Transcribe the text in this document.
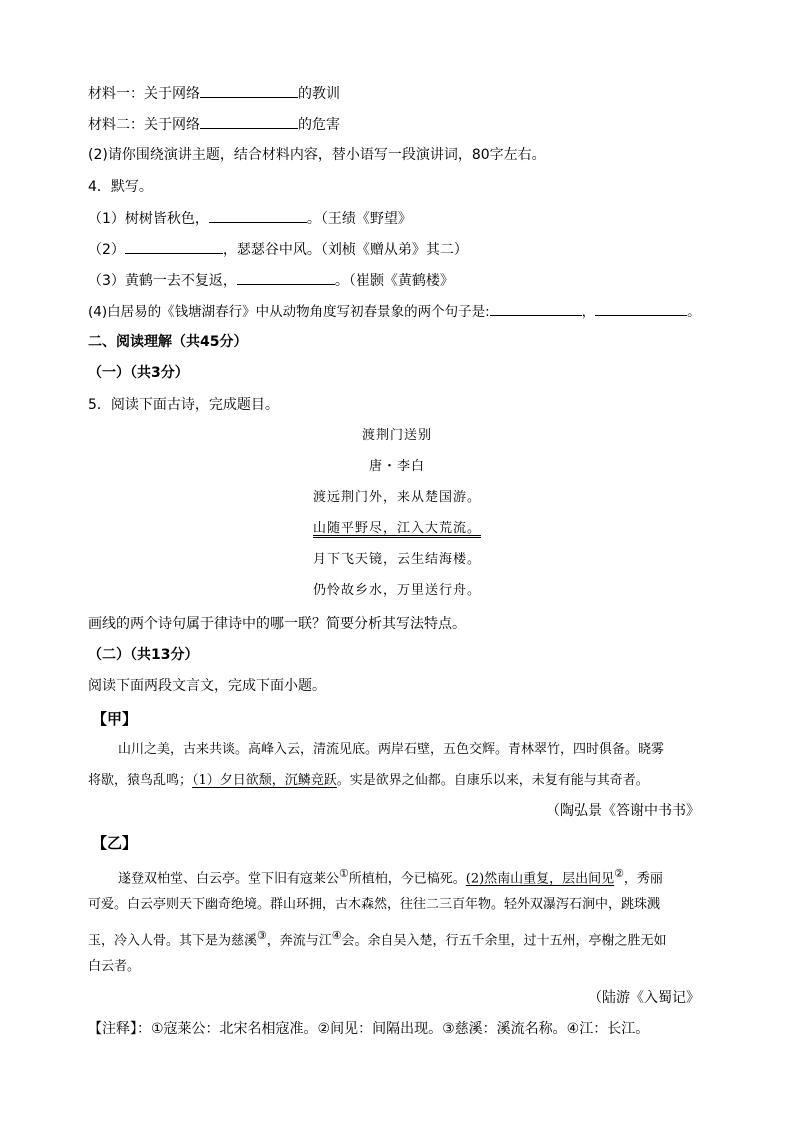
材料一：关于网络	的教训
材料二：关于网络	的危害
(2)请你围绕演讲主题，结合材料内容，替小语写一段演讲词，80字左右。
4．默写。
（1）树树皆秋色，	。（王绩《野望》
（2）	，瑟瑟谷中风。（刘桢《赠从弟》其二）
（3）黄鹤一去不复返，	。（崔颢《黄鹤楼》
(4)白居易的《钱塘湖春行》中从动物角度写初春景象的两个句子是:	，	。
二、阅读理解（共45分）
（一）（共3分）
5．阅读下面古诗，完成题目。
渡荆门送别
唐・李白
渡远荆门外，来从楚国游。
山随平野尽，江入大荒流。
月下飞天镜，云生结海楼。
仍怜故乡水，万里送行舟。
画线的两个诗句属于律诗中的哪一联？简要分析其写法特点。
（二）（共13分）
阅读下面两段文言文，完成下面小题。
【甲】
山川之美，古来共谈。高峰入云，清流见底。两岸石壁，五色交辉。青林翠竹，四时俱备。晓雾
将歇，猿鸟乱鸣；（1）夕日欲颓，沉鳞竞跃。实是欲界之仙都。自康乐以来，未复有能与其奇者。
（陶弘景《答谢中书书》
【乙】
遂登双柏堂、白云亭。堂下旧有寇莱公①所植柏，今已槁死。(2)然南山重复，层出间见②，秀丽
可爱。白云亭则天下幽奇绝境。群山环拥，古木森然，往往二三百年物。轻外双瀑泻石涧中，跳珠溅
玉，冷入人骨。其下是为慈溪③，奔流与江④会。余自吴入楚，行五千余里，过十五州，亭榭之胜无如
白云者。
（陆游《入蜀记》
【注释】：①寇莱公：北宋名相寇准。②间见：间隔出现。③慈溪：溪流名称。④江：长江。
